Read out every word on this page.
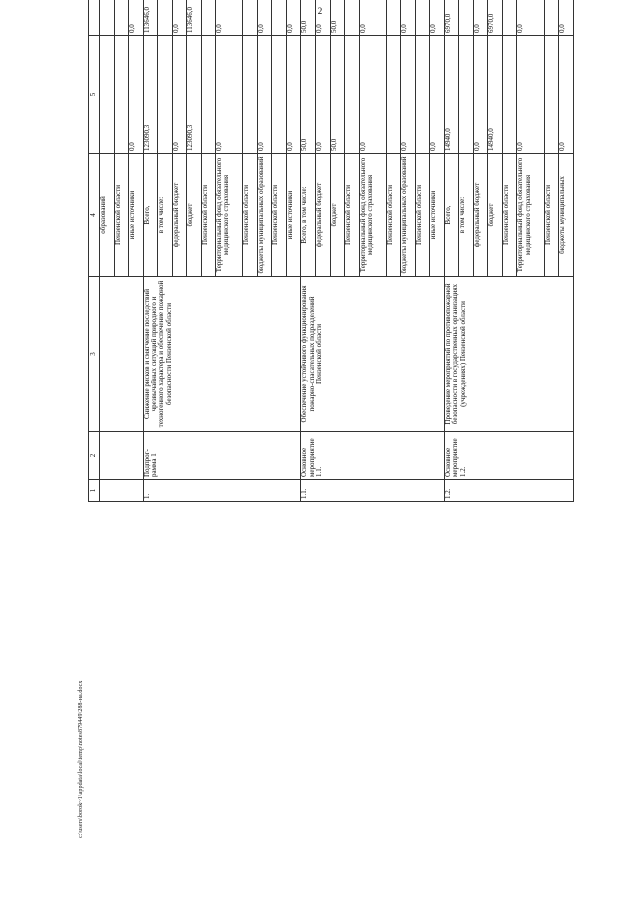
2
1	2	3	4	5			
			образований				
			Пензенской области				
			иные источники	0,0	0,0		
1.	Подпрог-рамма 1	Снижение рисков и смягчение последствий чрезвычайных ситуаций природного и техногенного характера и обеспечение пожарной безопасности Пензенской области	Всего,	123090,3	113646,0		
			в том числе:				
			федеральный бюджет	0,0	0,0		
			бюджет	123090,3	113646,0		
			Пензенской области				
			Территориальный фонд обязательного медицинского страхования	0,0	0,0		
			Пензенской области				
			бюджеты муниципальных образований	0,0	0,0		
			Пензенской области				
			иные источники	0,0	0,0		
1.1.	Основное мероприятие 1.1.	Обеспечение устойчивого функционирования пожарно-спасательных подразделений Пензенской области	Всего, в том числе:	50,0	50,0		
			федеральный бюджет	0,0	0,0		
			бюджет	50,0	50,0		
			Пензенской области				
			Территориальный фонд обязательного медицинского страхования	0,0	0,0		
			Пензенской области				
			бюджеты муниципальных образований	0,0	0,0		
			Пензенской области				
			иные источники	0,0	0,0		
1.2.	Основное мероприятие 1.2.	Проведение мероприятий по противопожарной безопасности в государственных организациях (учреждениях) Пензенской области	Всего,	14940,0	6970,0		
			в том числе:				
			федеральный бюджет	0,0	0,0		
			бюджет	14940,0	6970,0		
			Пензенской области				
			Территориальный фонд обязательного медицинского страхования	0,0	0,0		
			Пензенской области				
			бюджеты муниципальных	0,0	0,0		
c:\users\borok~1\appdata\local\temp\notes879449\288-на.docx
